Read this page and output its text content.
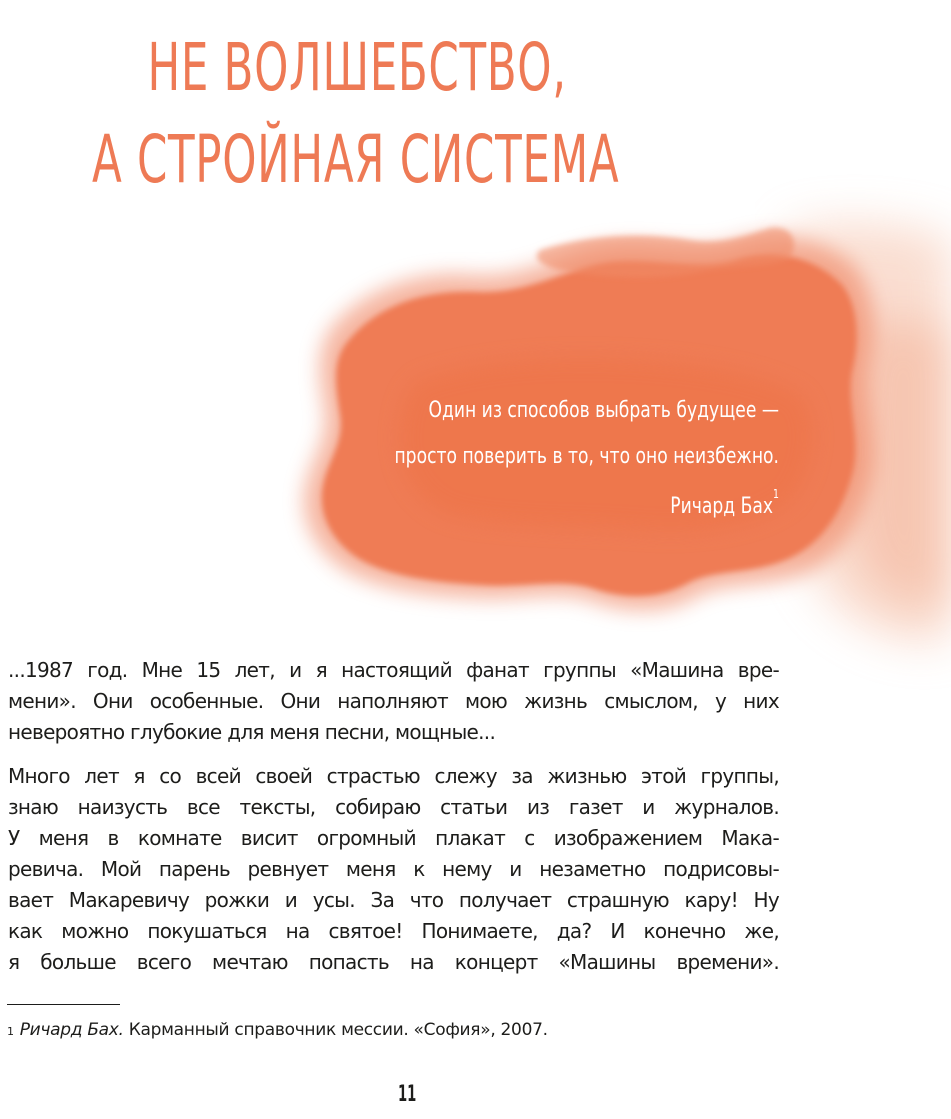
НЕ ВОЛШЕБСТВО,
А СТРОЙНАЯ СИСТЕМА
Один из способов выбрать будущее —
просто поверить в то, что оно неизбежно.
Ричард Бах$^1$
...1987 год. Мне 15 лет, и я настоящий фанат группы «Машина вре-
мени». Они особенные. Они наполняют мою жизнь смыслом, у них
невероятно глубокие для меня песни, мощные...
Много лет я со всей своей страстью слежу за жизнью этой группы,
знаю наизусть все тексты, собираю статьи из газет и журналов.
У меня в комнате висит огромный плакат с изображением Мака-
ревича. Мой парень ревнует меня к нему и незаметно подрисовы-
вает Макаревичу рожки и усы. За что получает страшную кару! Ну
как можно покушаться на святое! Понимаете, да? И конечно же,
я больше всего мечтаю попасть на концерт «Машины времени».
$^1$ Ричард Бах. Карманный справочник мессии. «София», 2007.
11
